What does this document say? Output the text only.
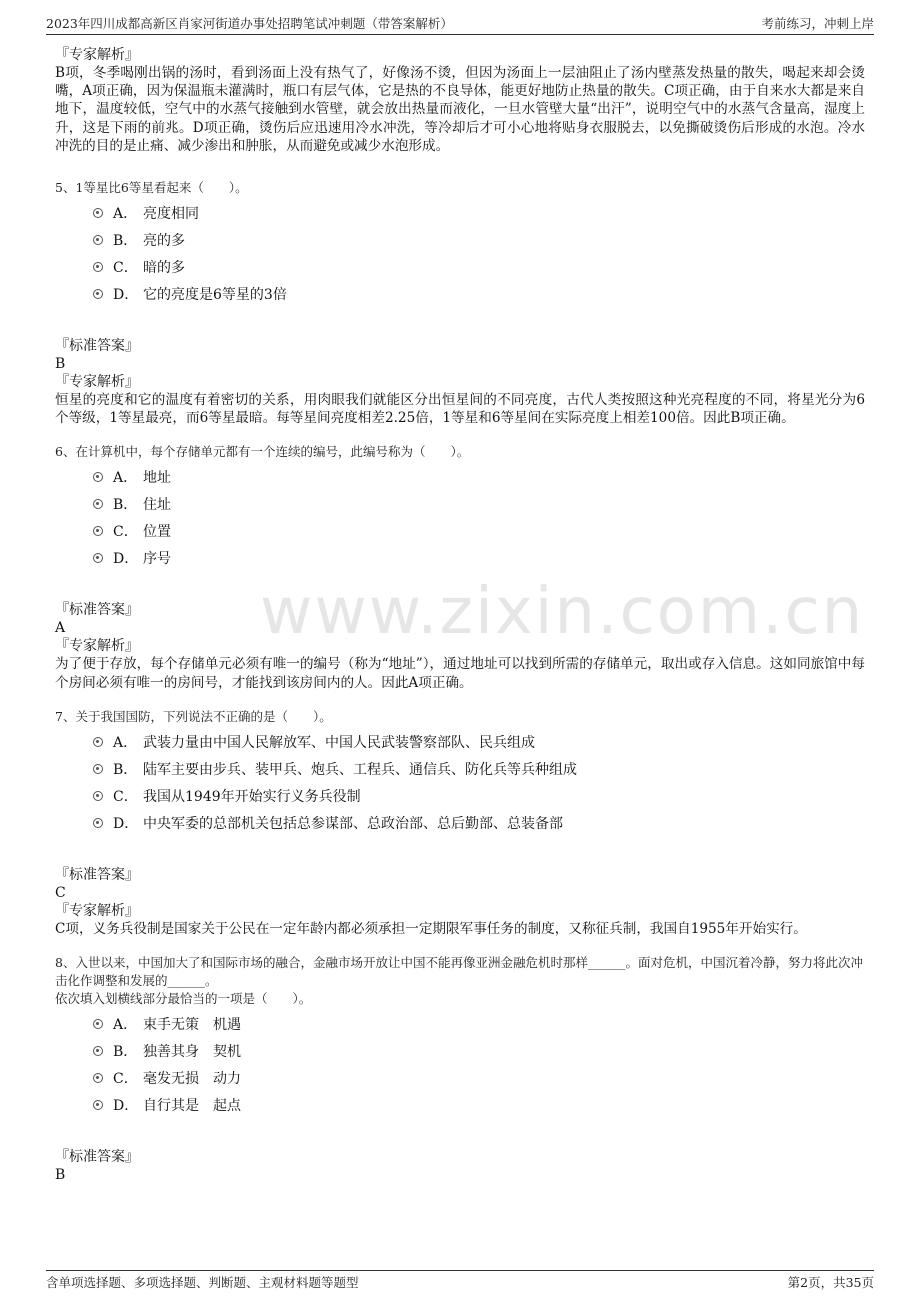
2023年四川成都高新区肖家河街道办事处招聘笔试冲刺题（带答案解析）	考前练习，冲刺上岸
www.zixin.com.cn
『专家解析』

B项，冬季喝刚出锅的汤时，看到汤面上没有热气了，好像汤不烫，但因为汤面上一层油阻止了汤内壁蒸发热量的散失，喝起来却会烫嘴，A项正确，因为保温瓶未灌满时，瓶口有层气体，它是热的不良导体，能更好地防止热量的散失。C项正确，由于自来水大都是来自地下，温度较低，空气中的水蒸气接触到水管壁，就会放出热量而液化，一旦水管壁大量“出汗”，说明空气中的水蒸气含量高，湿度上升，这是下雨的前兆。D项正确，烫伤后应迅速用冷水冲洗，等冷却后才可小心地将贴身衣服脱去，以免撕破烫伤后形成的水泡。冷水冲洗的目的是止痛、减少渗出和肿胀，从而避免或减少水泡形成。

5、1等星比6等星看起来（　　）。
A． 亮度相同
B． 亮的多
C． 暗的多
D． 它的亮度是6等星的3倍
『标准答案』
B
『专家解析』

恒星的亮度和它的温度有着密切的关系，用肉眼我们就能区分出恒星间的不同亮度，古代人类按照这种光亮程度的不同，将星光分为6个等级，1等星最亮，而6等星最暗。每等星间亮度相差2.25倍，1等星和6等星间在实际亮度上相差100倍。因此B项正确。

6、在计算机中，每个存储单元都有一个连续的编号，此编号称为（　　）。
A． 地址
B． 住址
C． 位置
D． 序号
『标准答案』
A
『专家解析』

为了便于存放，每个存储单元必须有唯一的编号（称为“地址”），通过地址可以找到所需的存储单元，取出或存入信息。这如同旅馆中每个房间必须有唯一的房间号，才能找到该房间内的人。因此A项正确。

7、关于我国国防，下列说法不正确的是（　　）。
A． 武装力量由中国人民解放军、中国人民武装警察部队、民兵组成
B． 陆军主要由步兵、装甲兵、炮兵、工程兵、通信兵、防化兵等兵种组成
C． 我国从1949年开始实行义务兵役制
D． 中央军委的总部机关包括总参谋部、总政治部、总后勤部、总装备部
『标准答案』
C
『专家解析』

C项，义务兵役制是国家关于公民在一定年龄内都必须承担一定期限军事任务的制度，又称征兵制，我国自1955年开始实行。

8、入世以来，中国加大了和国际市场的融合，金融市场开放让中国不能再像亚洲金融危机时那样______。面对危机，中国沉着冷静，努力将此次冲击化作调整和发展的______。
依次填入划横线部分最恰当的一项是（　　）。
A． 束手无策　机遇
B． 独善其身　契机
C． 毫发无损　动力
D． 自行其是　起点
『标准答案』
B
含单项选择题、多项选择题、判断题、主观材料题等题型	第2页，共35页
